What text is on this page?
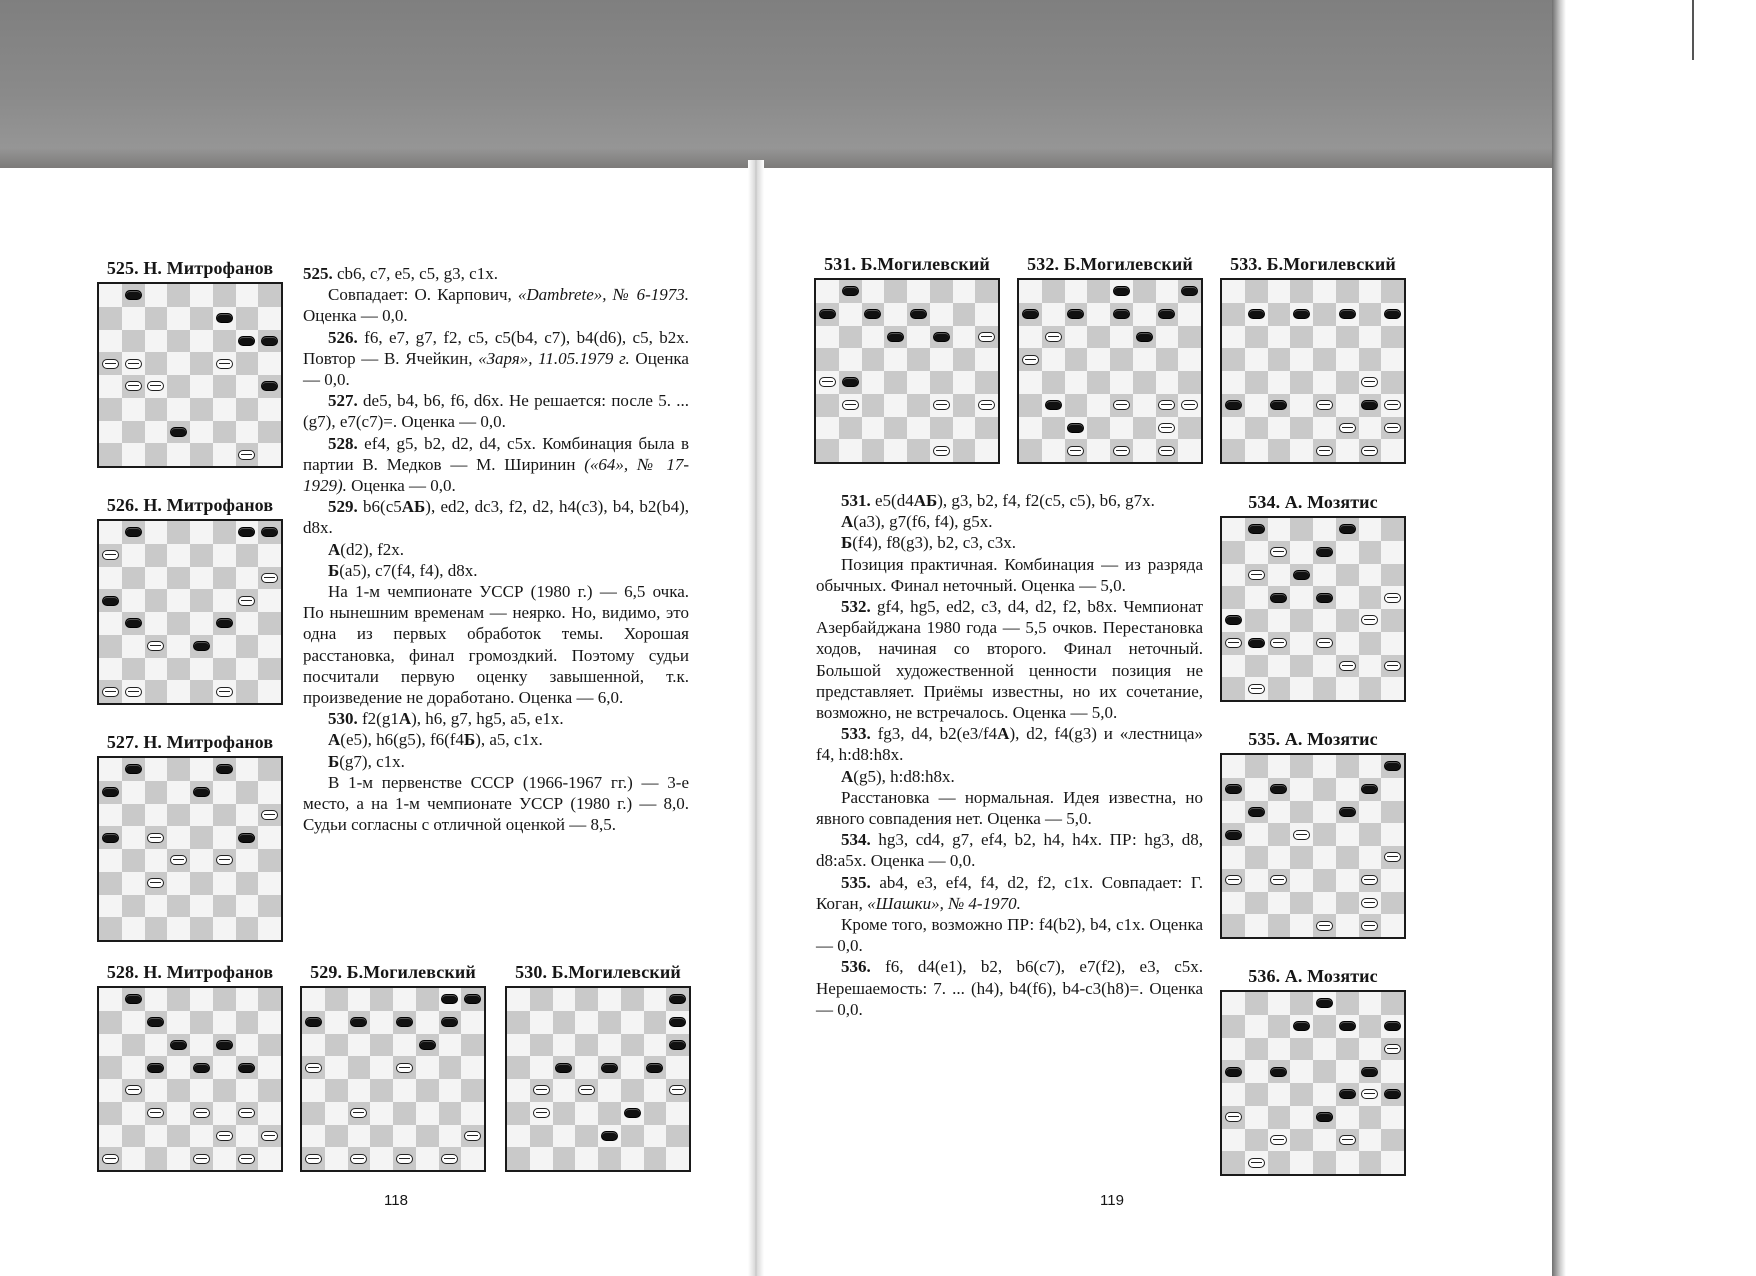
525. cb6, c7, e5, c5, g3, c1x.

Совпадает: О. Карпович, «Dambrete», № 6-1973. Оценка — 0,0.

526. f6, e7, g7, f2, c5, c5(b4, c7), b4(d6), c5, b2x. Повтор — В. Ячейкин, «Заря», 11.05.1979 г. Оценка — 0,0.

527. de5, b4, b6, f6, d6x. Не решается: после 5. ... (g7), e7(c7)=. Оценка — 0,0.

528. ef4, g5, b2, d2, d4, c5x. Комбинация была в партии В. Медков — М. Ширинин («64», № 17-1929). Оценка — 0,0.

529. b6(c5АБ), ed2, dc3, f2, d2, h4(c3), b4, b2(b4), d8x.

А(d2), f2x.

Б(a5), c7(f4, f4), d8x.

На 1-м чемпионате УССР (1980 г.) — 6,5 очка. По нынешним временам — неярко. Но, видимо, это одна из первых обработок темы. Хорошая расстановка, финал громоздкий. Поэтому судьи посчитали первую оценку завышенной, т.к. произведение не доработано. Оценка — 6,0.

530. f2(g1А), h6, g7, hg5, a5, e1x.

А(e5), h6(g5), f6(f4Б), a5, c1x.

Б(g7), c1x.

В 1-м первенстве СССР (1966-1967 гг.) — 3-е место, а на 1-м чемпионате УССР (1980 г.) — 8,0. Судьи согласны с отличной оценкой — 8,5.

531. e5(d4АБ), g3, b2, f4, f2(c5, c5), b6, g7x.

А(a3), g7(f6, f4), g5x.

Б(f4), f8(g3), b2, c3, c3x.

Позиция практичная. Комбинация — из разряда обычных. Финал неточный. Оценка — 5,0.

532. gf4, hg5, ed2, c3, d4, d2, f2, b8x. Чемпионат Азербайджана 1980 года — 5,5 очков. Перестановка ходов, начиная со второго. Финал неточный. Большой художественной ценности позиция не представляет. Приёмы известны, но их сочетание, возможно, не встречалось. Оценка — 5,0.

533. fg3, d4, b2(e3/f4А), d2, f4(g3) и «лестница» f4, h:d8:h8x.

А(g5), h:d8:h8x.

Расстановка — нормальная. Идея известна, но явного совпадения нет. Оценка — 5,0.

534. hg3, cd4, g7, ef4, b2, h4, h4x. ПР: hg3, d8, d8:a5x. Оценка — 0,0.

535. ab4, e3, ef4, f4, d2, f2, c1x. Совпадает: Г. Коган, «Шашки», № 4-1970.

Кроме того, возможно ПР: f4(b2), b4, c1x. Оценка — 0,0.

536. f6, d4(e1), b2, b6(c7), e7(f2), e3, c5x. Нерешаемость: 7. ... (h4), b4(f6), b4-c3(h8)=. Оценка — 0,0.

525. Н. Митрофанов
526. Н. Митрофанов
527. Н. Митрофанов
528. Н. Митрофанов	529. Б.Могилевский	530. Б.Могилевский
531. Б.Могилевский	532. Б.Могилевский	533. Б.Могилевский
534. А. Мозятис
535. А. Мозятис
536. А. Мозятис
118	119
